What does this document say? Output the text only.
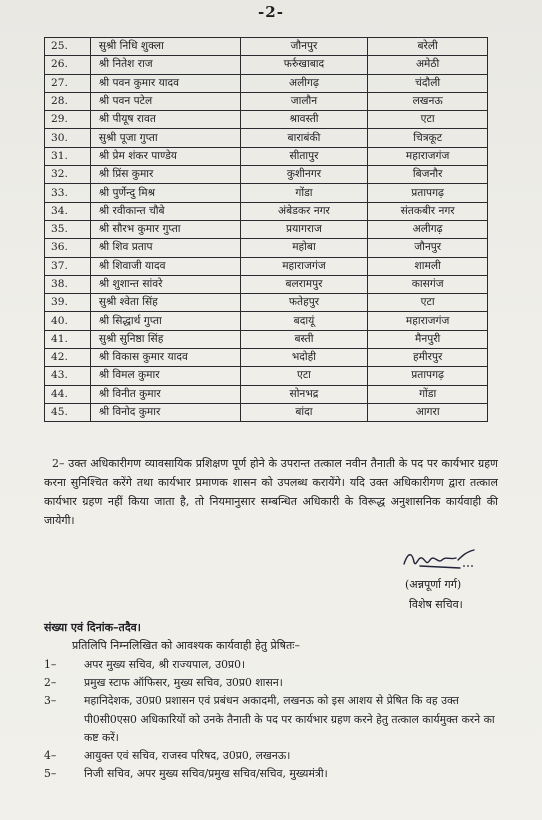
-2-
25.	सुश्री निधि शुक्ला	जौनपुर	बरेली
26.	श्री नितेश राज	फर्रुखाबाद	अमेठी
27.	श्री पवन कुमार यादव	अलीगढ़	चंदौली
28.	श्री पवन पटेल	जालौन	लखनऊ
29.	श्री पीयूष रावत	श्रावस्ती	एटा
30.	सुश्री पूजा गुप्ता	बाराबंकी	चित्रकूट
31.	श्री प्रेम शंकर पाण्डेय	सीतापुर	महाराजगंज
32.	श्री प्रिंस कुमार	कुशीनगर	बिजनौर
33.	श्री पुर्णेन्दु मिश्र	गोंडा	प्रतापगढ़
34.	श्री रवीकान्त चौबे	अंबेडकर नगर	संतकबीर नगर
35.	श्री सौरभ कुमार गुप्ता	प्रयागराज	अलीगढ़
36.	श्री शिव प्रताप	महोबा	जौनपुर
37.	श्री शिवाजी यादव	महाराजगंज	शामली
38.	श्री शुशान्त सांवरे	बलरामपुर	कासगंज
39.	सुश्री श्वेता सिंह	फतेहपुर	एटा
40.	श्री सिद्धार्थ गुप्ता	बदायूं	महाराजगंज
41.	सुश्री सुनिष्ठा सिंह	बस्ती	मैनपुरी
42.	श्री विकास कुमार यादव	भदोही	हमीरपुर
43.	श्री विमल कुमार	एटा	प्रतापगढ़
44.	श्री विनीत कुमार	सोनभद्र	गोंडा
45.	श्री विनोद कुमार	बांदा	आगरा

2– उक्त अधिकारीगण व्यावसायिक प्रशिक्षण पूर्ण होने के उपरान्त तत्काल नवीन तैनाती के पद पर कार्यभार ग्रहण करना सुनिश्चित करेंगे तथा कार्यभार प्रमाणक शासन को उपलब्ध करायेंगे। यदि उक्त अधिकारीगण द्वारा तत्काल कार्यभार ग्रहण नहीं किया जाता है, तो नियमानुसार सम्बन्धित अधिकारी के विरूद्ध अनुशासनिक कार्यवाही की जायेगी।

(अन्नपूर्णा गर्ग)
विशेष सचिव।
संख्या एवं दिनांक–तदैव।
प्रतिलिपि निम्नलिखित को आवश्यक कार्यवाही हेतु प्रेषितः–
1–	अपर मुख्य सचिव, श्री राज्यपाल, उ0प्र0।
2–	प्रमुख स्टाफ ऑफिसर, मुख्य सचिव, उ0प्र0 शासन।
3–	महानिदेशक, उ0प्र0 प्रशासन एवं प्रबंधन अकादमी, लखनऊ को इस आशय से प्रेषित कि वह उक्त पी0सी0एस0 अधिकारियों को उनके तैनाती के पद पर कार्यभार ग्रहण करने हेतु तत्काल कार्यमुक्त करने का कष्ट करें।
4–	आयुक्त एवं सचिव, राजस्व परिषद, उ0प्र0, लखनऊ।
5–	निजी सचिव, अपर मुख्य सचिव/प्रमुख सचिव/सचिव, मुख्यमंत्री।
